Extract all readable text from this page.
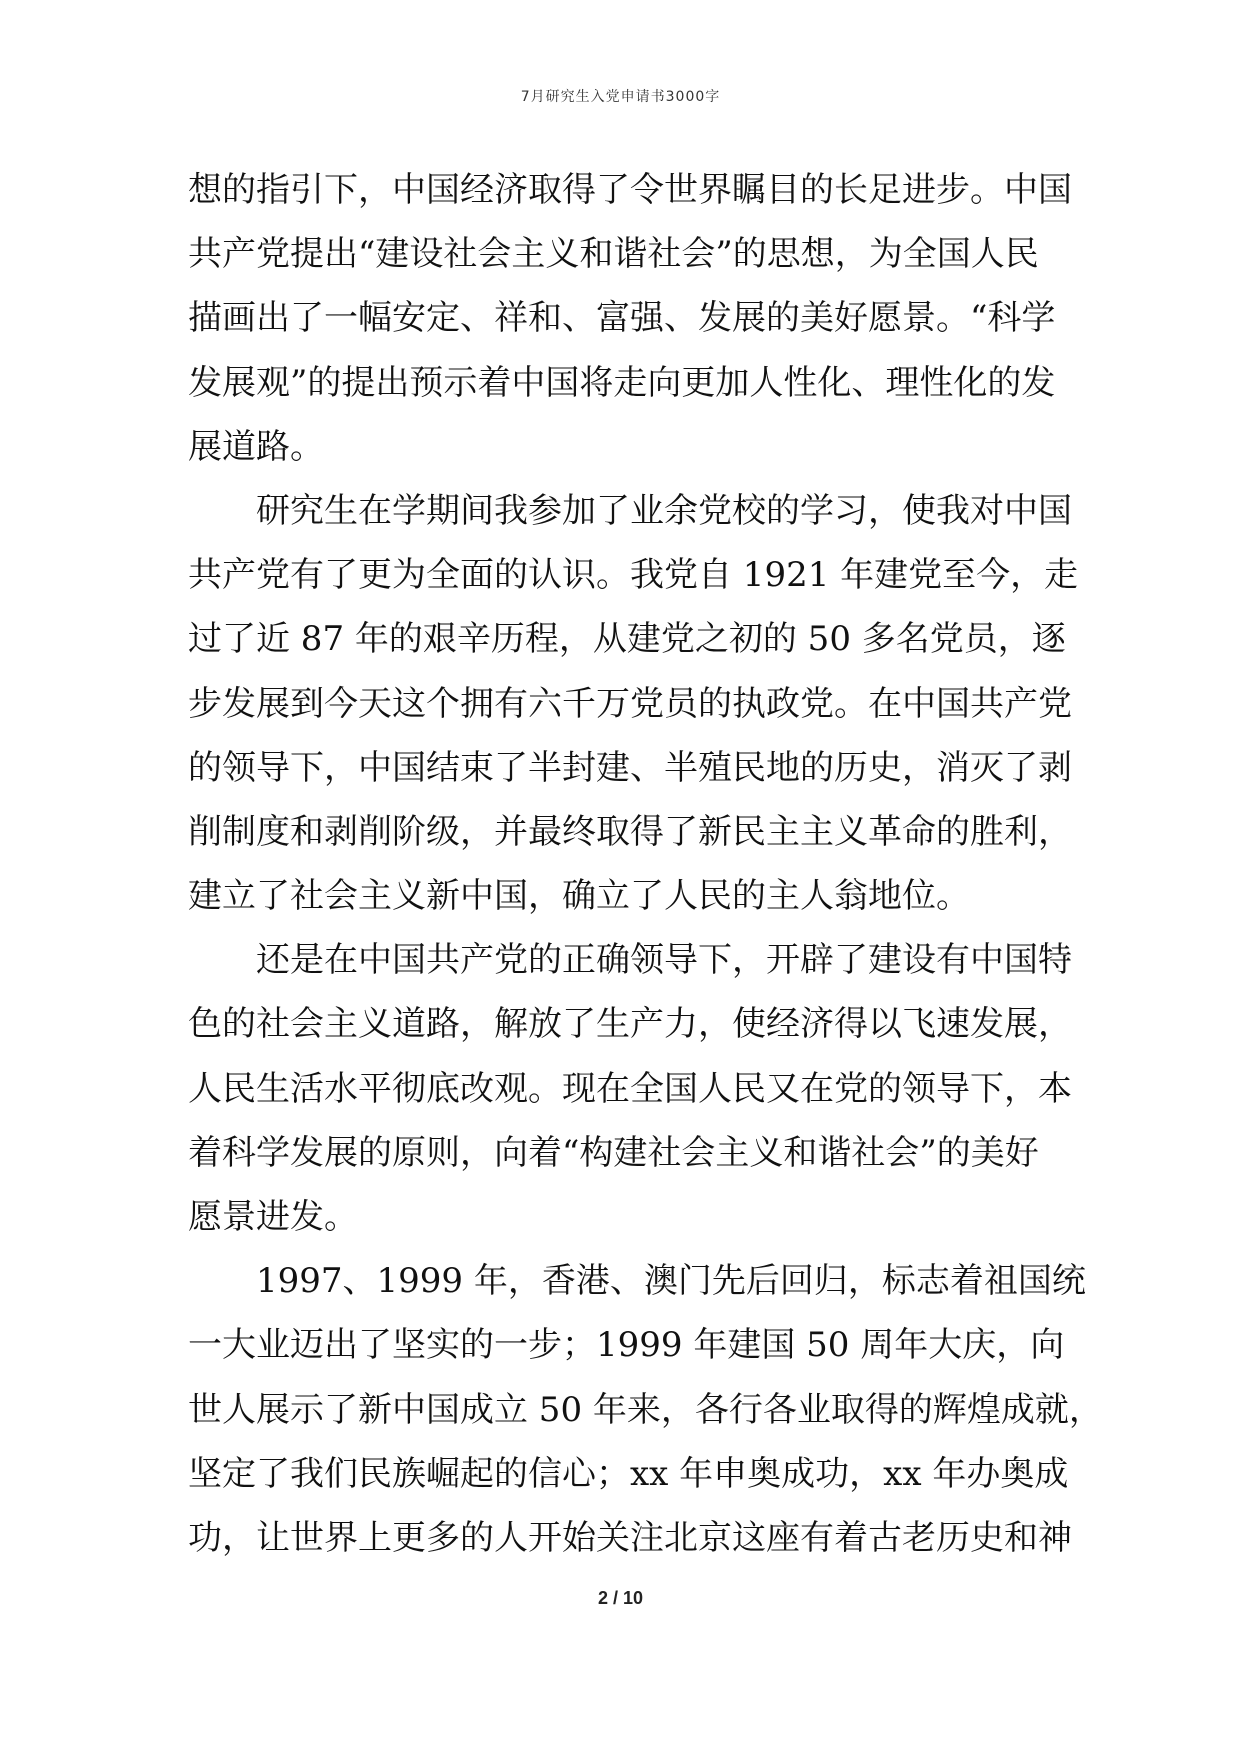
7月研究生入党申请书3000字
想的指引下，中国经济取得了令世界瞩目的长足进步。中国
共产党提出“建设社会主义和谐社会”的思想，为全国人民
描画出了一幅安定、祥和、富强、发展的美好愿景。“科学
发展观”的提出预示着中国将走向更加人性化、理性化的发
展道路。
研究生在学期间我参加了业余党校的学习，使我对中国
共产党有了更为全面的认识。我党自 1921 年建党至今，走
过了近 87 年的艰辛历程，从建党之初的 50 多名党员，逐
步发展到今天这个拥有六千万党员的执政党。在中国共产党
的领导下，中国结束了半封建、半殖民地的历史，消灭了剥
削制度和剥削阶级，并最终取得了新民主主义革命的胜利，
建立了社会主义新中国，确立了人民的主人翁地位。
还是在中国共产党的正确领导下，开辟了建设有中国特
色的社会主义道路，解放了生产力，使经济得以飞速发展，
人民生活水平彻底改观。现在全国人民又在党的领导下，本
着科学发展的原则，向着“构建社会主义和谐社会”的美好
愿景进发。
1997、1999 年，香港、澳门先后回归，标志着祖国统
一大业迈出了坚实的一步；1999 年建国 50 周年大庆，向
世人展示了新中国成立 50 年来，各行各业取得的辉煌成就，
坚定了我们民族崛起的信心；xx 年申奥成功，xx 年办奥成
功，让世界上更多的人开始关注北京这座有着古老历史和神
2 / 10
